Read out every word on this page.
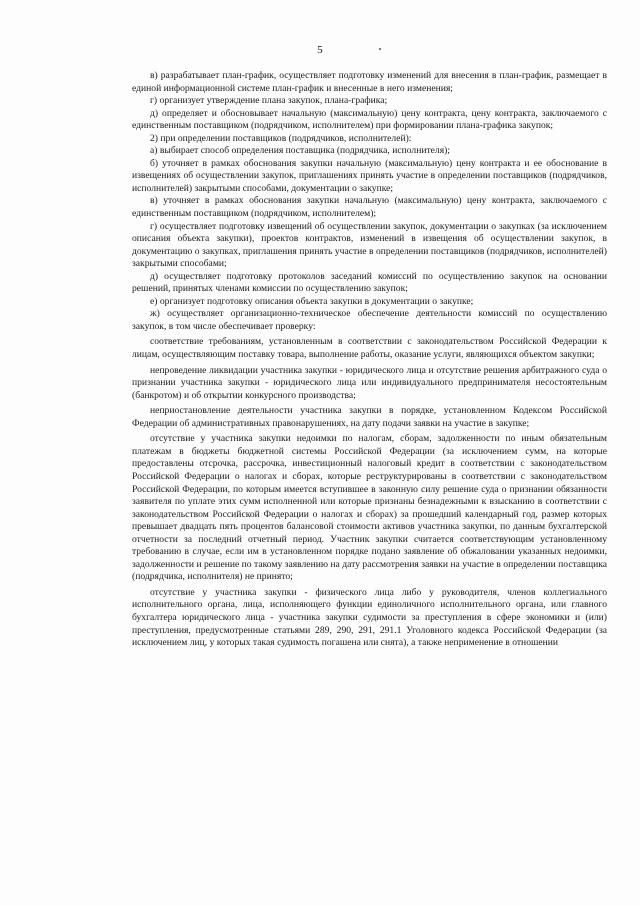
5

в) разрабатывает план-график, осуществляет подготовку изменений для внесения в план-график, размещает в единой информационной системе план-график и внесенные в него изменения;

г) организует утверждение плана закупок, плана-графика;

д) определяет и обосновывает начальную (максимальную) цену контракта, цену контракта, заключаемого с единственным поставщиком (подрядчиком, исполнителем) при формировании плана-графика закупок;

2) при определении поставщиков (подрядчиков, исполнителей):

а) выбирает способ определения поставщика (подрядчика, исполнителя);

б) уточняет в рамках обоснования закупки начальную (максимальную) цену контракта и ее обоснование в извещениях об осуществлении закупок, приглашениях принять участие в определении поставщиков (подрядчиков, исполнителей) закрытыми способами, документации о закупке;

в) уточняет в рамках обоснования закупки начальную (максимальную) цену контракта, заключаемого с единственным поставщиком (подрядчиком, исполнителем);

г) осуществляет подготовку извещений об осуществлении закупок, документации о закупках (за исключением описания объекта закупки), проектов контрактов, изменений в извещения об осуществлении закупок, в документацию о закупках, приглашения принять участие в определении поставщиков (подрядчиков, исполнителей) закрытыми способами;

д) осуществляет подготовку протоколов заседаний комиссий по осуществлению закупок на основании решений, принятых членами комиссии по осуществлению закупок;

е) организует подготовку описания объекта закупки в документации о закупке;

ж) осуществляет организационно-техническое обеспечение деятельности комиссий по осуществлению закупок, в том числе обеспечивает проверку:

соответствие требованиям, установленным в соответствии с законодательством Российской Федерации к лицам, осуществляющим поставку товара, выполнение работы, оказание услуги, являющихся объектом закупки;

непроведение ликвидации участника закупки - юридического лица и отсутствие решения арбитражного суда о признании участника закупки - юридического лица или индивидуального предпринимателя несостоятельным (банкротом) и об открытии конкурсного производства;

неприостановление деятельности участника закупки в порядке, установленном Кодексом Российской Федерации об административных правонарушениях, на дату подачи заявки на участие в закупке;

отсутствие у участника закупки недоимки по налогам, сборам, задолженности по иным обязательным платежам в бюджеты бюджетной системы Российской Федерации (за исключением сумм, на которые предоставлены отсрочка, рассрочка, инвестиционный налоговый кредит в соответствии с законодательством Российской Федерации о налогах и сборах, которые реструктурированы в соответствии с законодательством Российской Федерации, по которым имеется вступившее в законную силу решение суда о признании обязанности заявителя по уплате этих сумм исполненной или которые признаны безнадежными к взысканию в соответствии с законодательством Российской Федерации о налогах и сборах) за прошедший календарный год, размер которых превышает двадцать пять процентов балансовой стоимости активов участника закупки, по данным бухгалтерской отчетности за последний отчетный период. Участник закупки считается соответствующим установленному требованию в случае, если им в установленном порядке подано заявление об обжаловании указанных недоимки, задолженности и решение по такому заявлению на дату рассмотрения заявки на участие в определении поставщика (подрядчика, исполнителя) не принято;

отсутствие у участника закупки - физического лица либо у руководителя, членов коллегиального исполнительного органа, лица, исполняющего функции единоличного исполнительного органа, или главного бухгалтера юридического лица - участника закупки судимости за преступления в сфере экономики и (или) преступления, предусмотренные статьями 289, 290, 291, 291.1 Уголовного кодекса Российской Федерации (за исключением лиц, у которых такая судимость погашена или снята), а также неприменение в отношении
